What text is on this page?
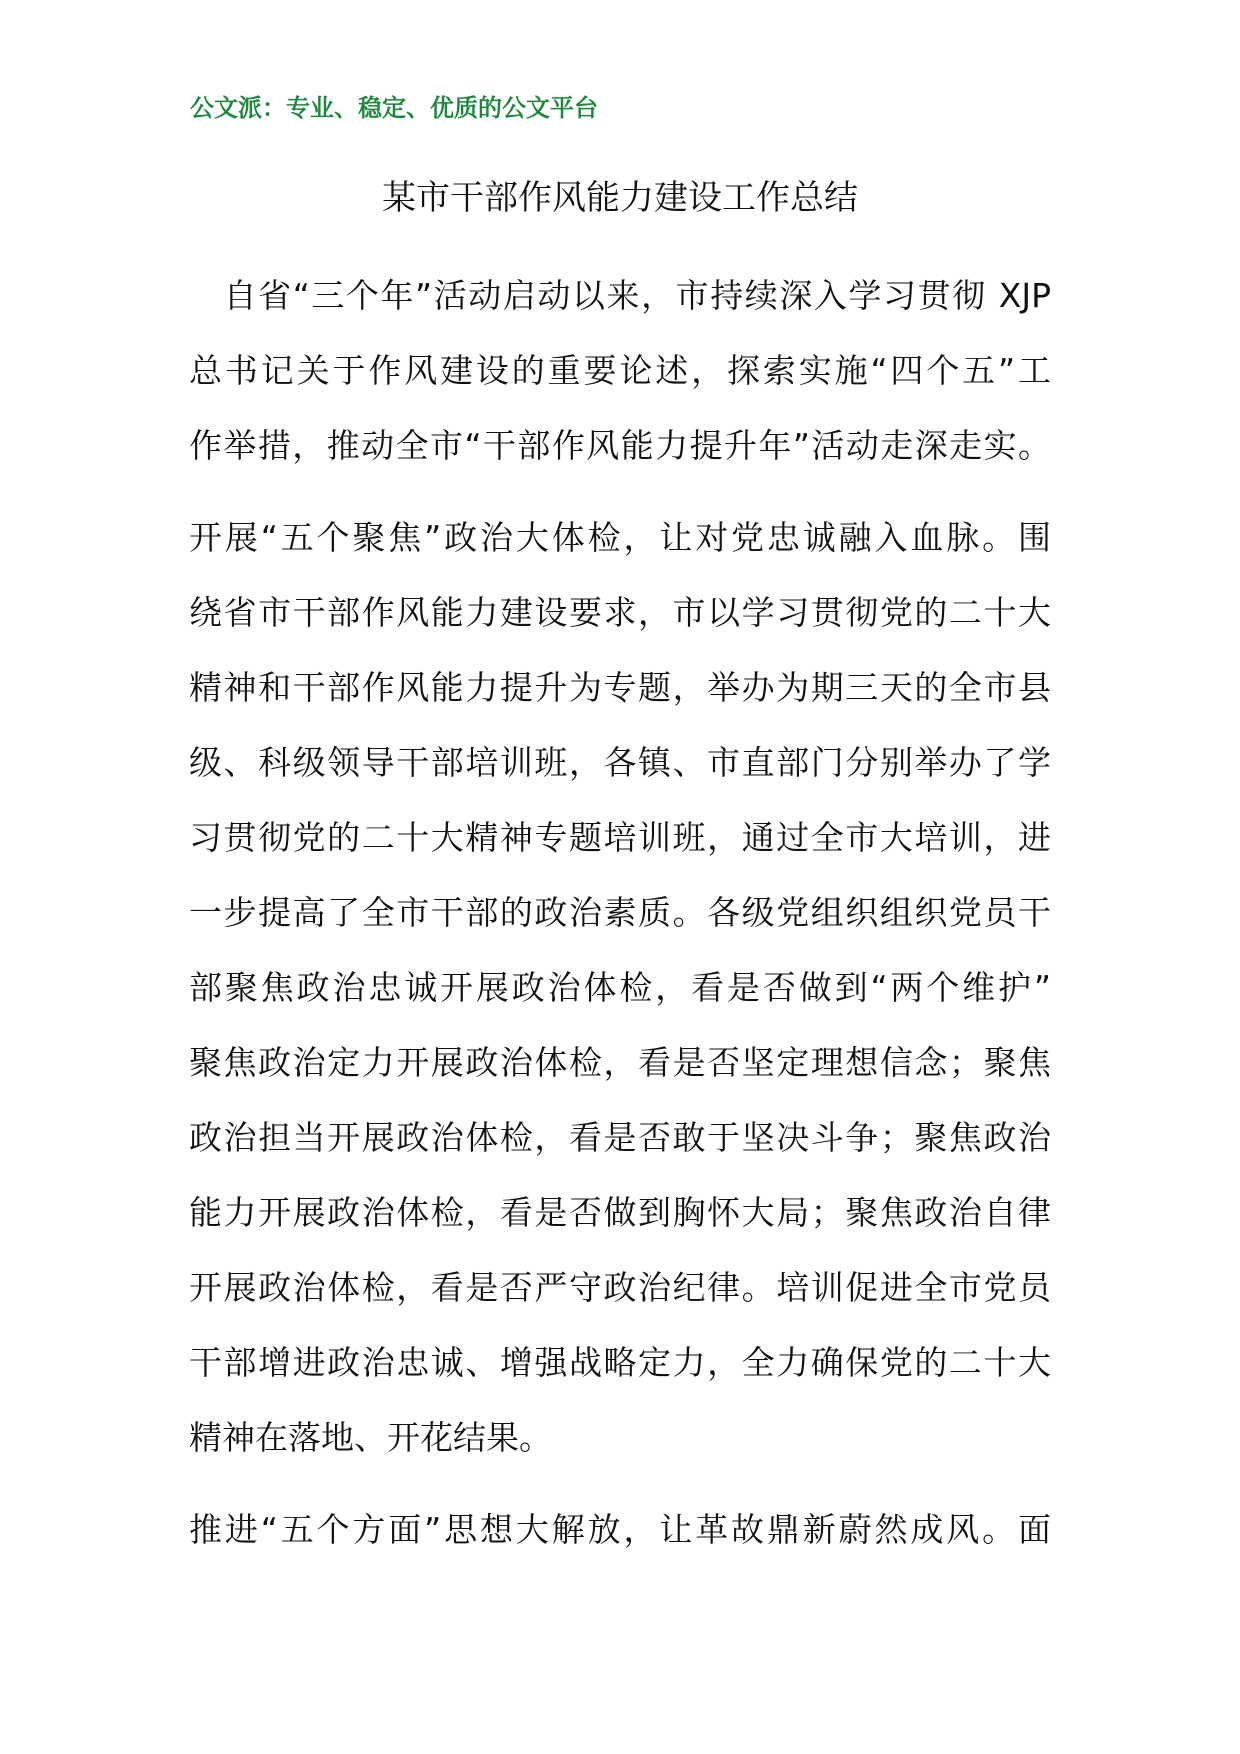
公文派：专业、稳定、优质的公文平台
某市干部作风能力建设工作总结

　自省“三个年”活动启动以来，市持续深入学习贯彻 XJP
总书记关于作风建设的重要论述，探索实施“四个五”工
作举措，推动全市“干部作风能力提升年”活动走深走实。

开展“五个聚焦”政治大体检，让对党忠诚融入血脉。围
绕省市干部作风能力建设要求，市以学习贯彻党的二十大
精神和干部作风能力提升为专题，举办为期三天的全市县
级、科级领导干部培训班，各镇、市直部门分别举办了学
习贯彻党的二十大精神专题培训班，通过全市大培训，进
一步提高了全市干部的政治素质。各级党组织组织党员干
部聚焦政治忠诚开展政治体检，看是否做到“两个维护”
聚焦政治定力开展政治体检，看是否坚定理想信念；聚焦
政治担当开展政治体检，看是否敢于坚决斗争；聚焦政治
能力开展政治体检，看是否做到胸怀大局；聚焦政治自律
开展政治体检，看是否严守政治纪律。培训促进全市党员
干部增进政治忠诚、增强战略定力，全力确保党的二十大
精神在落地、开花结果。

推进“五个方面”思想大解放，让革故鼎新蔚然成风。面
